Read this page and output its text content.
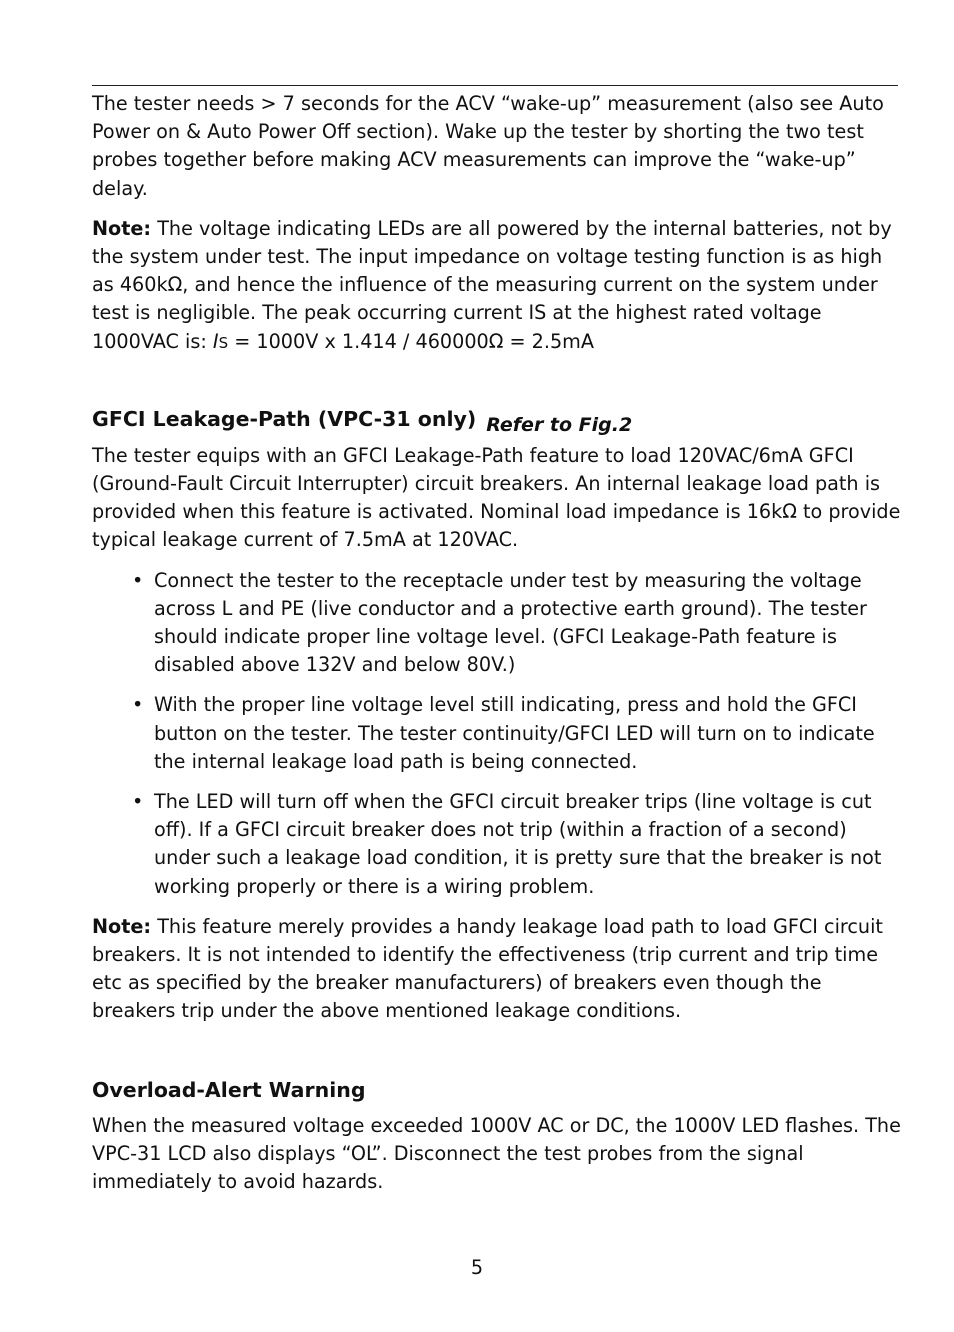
The tester needs > 7 seconds for the ACV “wake-up” measurement (also see Auto Power on & Auto Power Off section). Wake up the tester by shorting the two test probes together before making ACV measurements can improve the “wake-up” delay.

Note: The voltage indicating LEDs are all powered by the internal batteries, not by the system under test. The input impedance on voltage testing function is as high as 460kΩ, and hence the influence of the measuring current on the system under test is negligible. The peak occurring current IS at the highest rated voltage 1000VAC is: IS = 1000V x 1.414 / 460000Ω = 2.5mA

GFCI Leakage-Path (VPC-31 only) Refer to Fig.2

The tester equips with an GFCI Leakage-Path feature to load 120VAC/6mA GFCI (Ground-Fault Circuit Interrupter) circuit breakers. An internal leakage load path is provided when this feature is activated. Nominal load impedance is 16kΩ to provide typical leakage current of 7.5mA at 120VAC.

• Connect the tester to the receptacle under test by measuring the voltage across L and PE (live conductor and a protective earth ground). The tester should indicate proper line voltage level. (GFCI Leakage-Path feature is disabled above 132V and below 80V.)
• With the proper line voltage level still indicating, press and hold the GFCI button on the tester. The tester continuity/GFCI LED will turn on to indicate the internal leakage load path is being connected.
• The LED will turn off when the GFCI circuit breaker trips (line voltage is cut off). If a GFCI circuit breaker does not trip (within a fraction of a second) under such a leakage load condition, it is pretty sure that the breaker is not working properly or there is a wiring problem.

Note: This feature merely provides a handy leakage load path to load GFCI circuit breakers. It is not intended to identify the effectiveness (trip current and trip time etc as specified by the breaker manufacturers) of breakers even though the breakers trip under the above mentioned leakage conditions.

Overload-Alert Warning

When the measured voltage exceeded 1000V AC or DC, the 1000V LED flashes. The VPC-31 LCD also displays “OL”. Disconnect the test probes from the signal immediately to avoid hazards.

5
